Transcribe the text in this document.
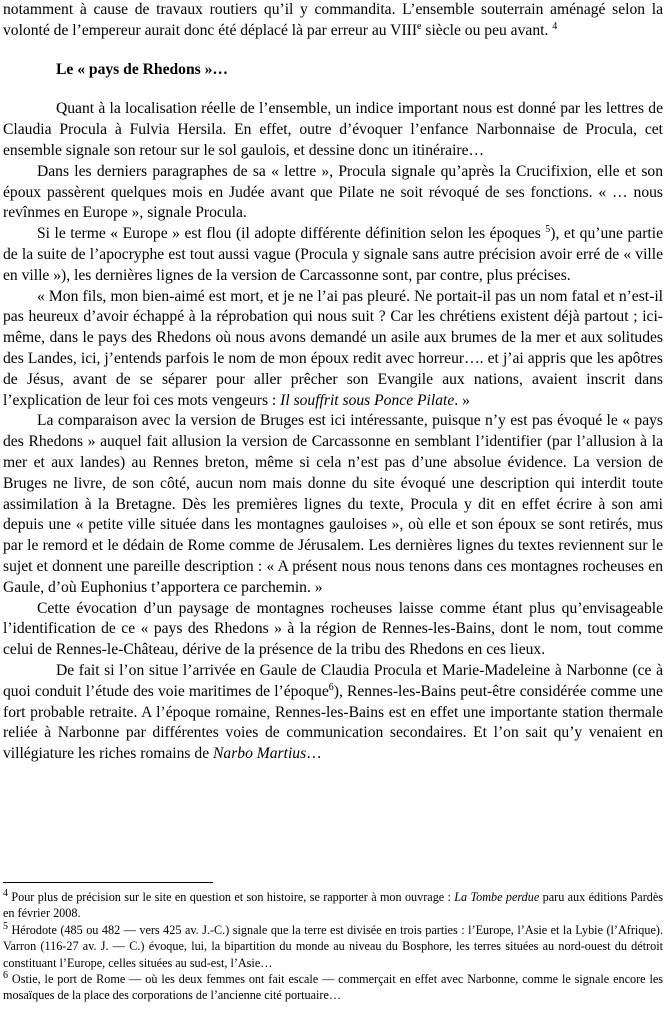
notamment à cause de travaux routiers qu’il y commandita. L’ensemble souterrain aménagé selon la volonté de l’empereur aurait donc été déplacé là par erreur au VIIIe siècle ou peu avant. $^4$

Le « pays de Rhedons »…

Quant à la localisation réelle de l’ensemble, un indice important nous est donné par les lettres de Claudia Procula à Fulvia Hersila. En effet, outre d’évoquer l’enfance Narbonnaise de Procula, cet ensemble signale son retour sur le sol gaulois, et dessine donc un itinéraire…

Dans les derniers paragraphes de sa « lettre », Procula signale qu’après la Crucifixion, elle et son époux passèrent quelques mois en Judée avant que Pilate ne soit révoqué de ses fonctions. « … nous revînmes en Europe », signale Procula.

Si le terme « Europe » est flou (il adopte différente définition selon les époques $^5$), et qu’une partie de la suite de l’apocryphe est tout aussi vague (Procula y signale sans autre précision avoir erré de « ville en ville »), les dernières lignes de la version de Carcassonne sont, par contre, plus précises.

« Mon fils, mon bien-aimé est mort, et je ne l’ai pas pleuré. Ne portait-il pas un nom fatal et n’est-il pas heureux d’avoir échappé à la réprobation qui nous suit ? Car les chrétiens existent déjà partout ; ici-même, dans le pays des Rhedons où nous avons demandé un asile aux brumes de la mer et aux solitudes des Landes, ici, j’entends parfois le nom de mon époux redit avec horreur…. et j’ai appris que les apôtres de Jésus, avant de se séparer pour aller prêcher son Evangile aux nations, avaient inscrit dans l’explication de leur foi ces mots vengeurs : Il souffrit sous Ponce Pilate. »

La comparaison avec la version de Bruges est ici intéressante, puisque n’y est pas évoqué le « pays des Rhedons » auquel fait allusion la version de Carcassonne en semblant l’identifier (par l’allusion à la mer et aux landes) au Rennes breton, même si cela n’est pas d’une absolue évidence. La version de Bruges ne livre, de son côté, aucun nom mais donne du site évoqué une description qui interdit toute assimilation à la Bretagne. Dès les premières lignes du texte, Procula y dit en effet écrire à son ami depuis une « petite ville située dans les montagnes gauloises », où elle et son époux se sont retirés, mus par le remord et le dédain de Rome comme de Jérusalem. Les dernières lignes du textes reviennent sur le sujet et donnent une pareille description : « A présent nous nous tenons dans ces montagnes rocheuses en Gaule, d’où Euphonius t’apportera ce parchemin. »

Cette évocation d’un paysage de montagnes rocheuses laisse comme étant plus qu’envisageable l’identification de ce « pays des Rhedons » à la région de Rennes-les-Bains, dont le nom, tout comme celui de Rennes-le-Château, dérive de la présence de la tribu des Rhedons en ces lieux.

De fait si l’on situe l’arrivée en Gaule de Claudia Procula et Marie-Madeleine à Narbonne (ce à quoi conduit l’étude des voie maritimes de l’époque$^6$), Rennes-les-Bains peut-être considérée comme une fort probable retraite. A l’époque romaine, Rennes-les-Bains est en effet une importante station thermale reliée à Narbonne par différentes voies de communication secondaires. Et l’on sait qu’y venaient en villégiature les riches romains de Narbo Martius…

$^4$ Pour plus de précision sur le site en question et son histoire, se rapporter à mon ouvrage : La Tombe perdue paru aux éditions Pardès en février 2008.

$^5$ Hérodote (485 ou 482 — vers 425 av. J.-C.) signale que la terre est divisée en trois parties : l’Europe, l’Asie et la Lybie (l’Afrique). Varron (116-27 av. J. — C.) évoque, lui, la bipartition du monde au niveau du Bosphore, les terres situées au nord-ouest du détroit constituant l’Europe, celles situées au sud-est, l’Asie…

$^6$ Ostie, le port de Rome — où les deux femmes ont fait escale — commerçait en effet avec Narbonne, comme le signale encore les mosaïques de la place des corporations de l’ancienne cité portuaire…
